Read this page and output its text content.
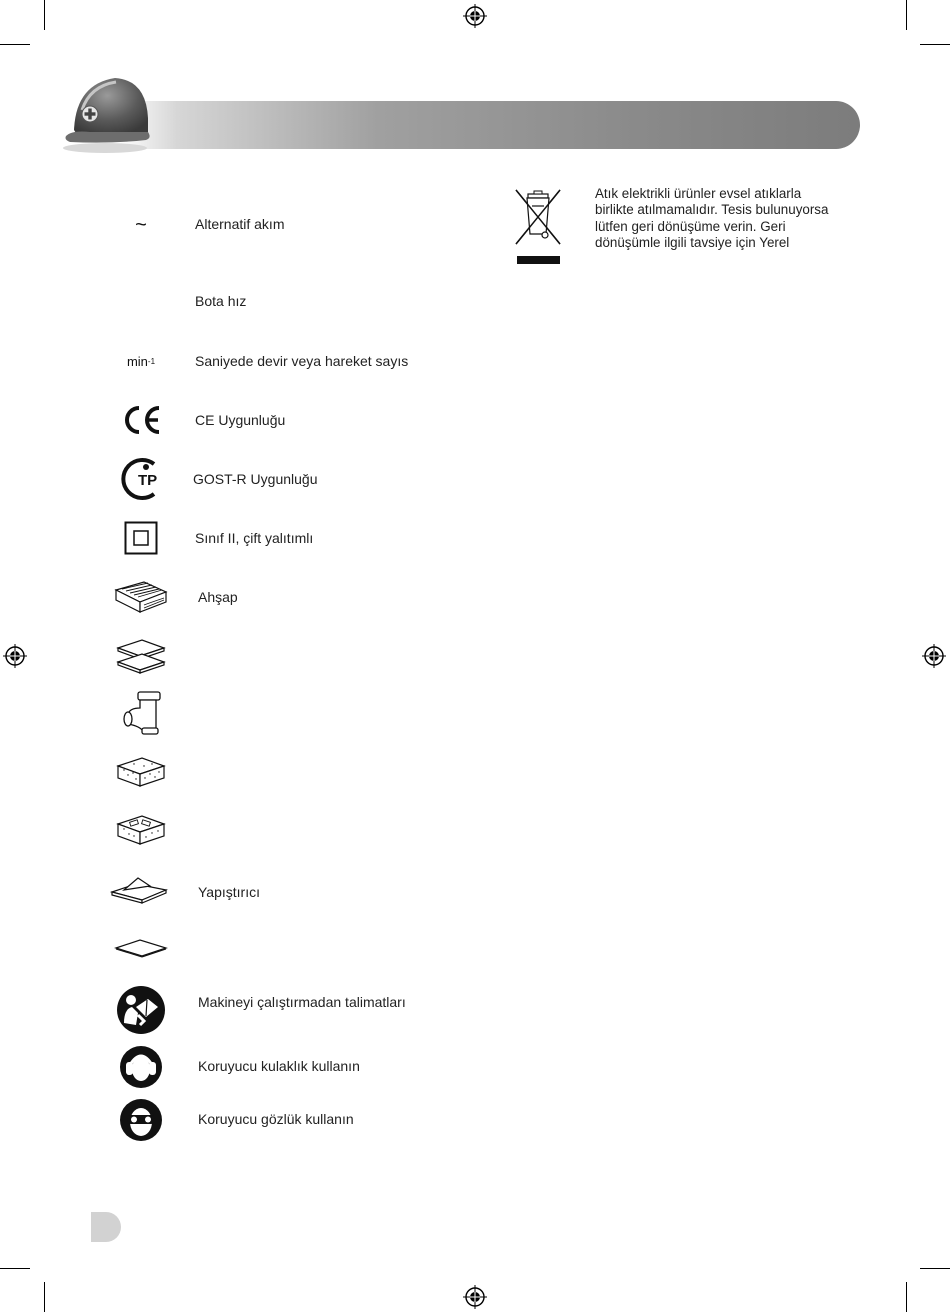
~	Alternatif akım
Bota hız
min -1	Saniyede devir veya hareket sayıs
CE Uygunluğu
TP	GOST-R Uygunluğu
Sınıf II, çift yalıtımlı
Ahşap
Yapıştırıcı
Makineyi çalıştırmadan talimatları
Koruyucu kulaklık kullanın
Koruyucu gözlük kullanın
Atık elektrikli ürünler evsel atıklarla
birlikte atılmamalıdır. Tesis bulunuyorsa
lütfen geri dönüşüme verin. Geri
dönüşümle ilgili tavsiye için Yerel
